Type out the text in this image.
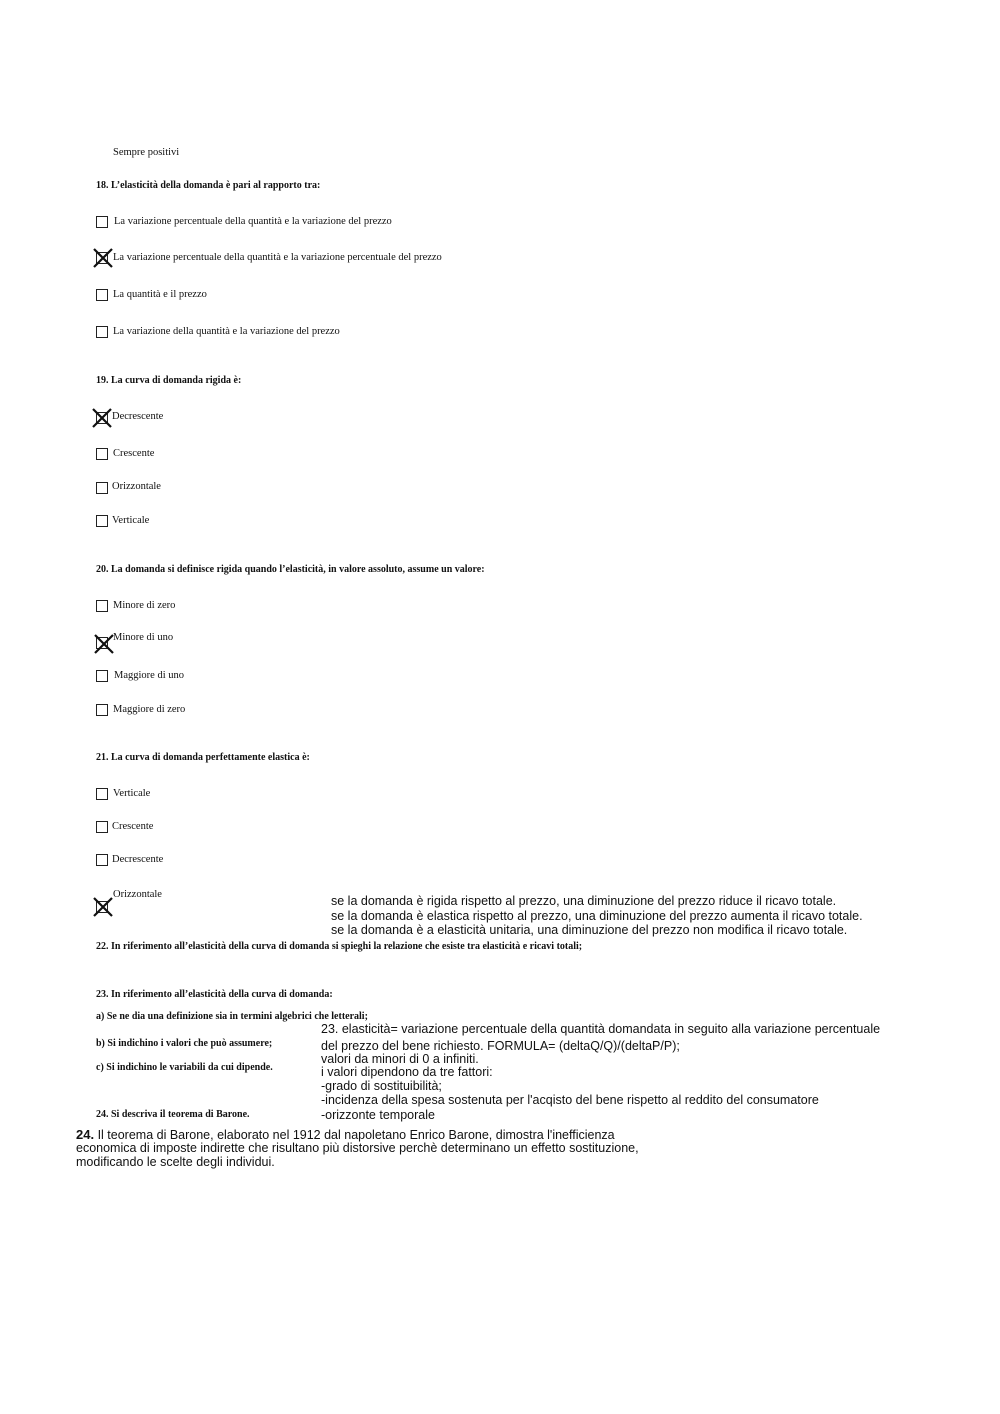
Sempre positivi
18. L’elasticità della domanda è pari al rapporto tra:
La variazione percentuale della quantità e la variazione del prezzo
La variazione percentuale della quantità e la variazione percentuale del prezzo
La quantità e il prezzo
La variazione della quantità e la variazione del prezzo
19. La curva di domanda rigida è:
Decrescente
Crescente
Orizzontale
Verticale
20. La domanda si definisce rigida quando l’elasticità, in valore assoluto, assume un valore:
Minore di zero
Minore di uno
Maggiore di uno
Maggiore di zero
21. La curva di domanda perfettamente elastica è:
Verticale
Crescente
Decrescente
Orizzontale	se la domanda è rigida rispetto al prezzo, una diminuzione del prezzo riduce il ricavo totale.
se la domanda è elastica rispetto al prezzo, una diminuzione del prezzo aumenta il ricavo totale.
se la domanda è a elasticità unitaria, una diminuzione del prezzo non modifica il ricavo totale.
22. In riferimento all’elasticità della curva di domanda si spieghi la relazione che esiste tra elasticità e ricavi totali;
23. In riferimento all’elasticità della curva di domanda:
a) Se ne dia una definizione sia in termini algebrici che letterali;
b) Si indichino i valori che può assumere;
c) Si indichino le variabili da cui dipende.
23. elasticità= variazione percentuale della quantità domandata in seguito alla variazione percentuale
del prezzo del bene richiesto. FORMULA= (deltaQ/Q)/(deltaP/P);
valori da minori di 0 a infiniti.
i valori dipendono da tre fattori:
-grado di sostituibilità;
-incidenza della spesa sostenuta per l'acqisto del bene rispetto al reddito del consumatore
-orizzonte temporale
24. Si descriva il teorema di Barone.
24. Il teorema di Barone, elaborato nel 1912 dal napoletano Enrico Barone, dimostra l'inefficienza
economica di imposte indirette che risultano più distorsive perchè determinano un effetto sostituzione,
modificando le scelte degli individui.
